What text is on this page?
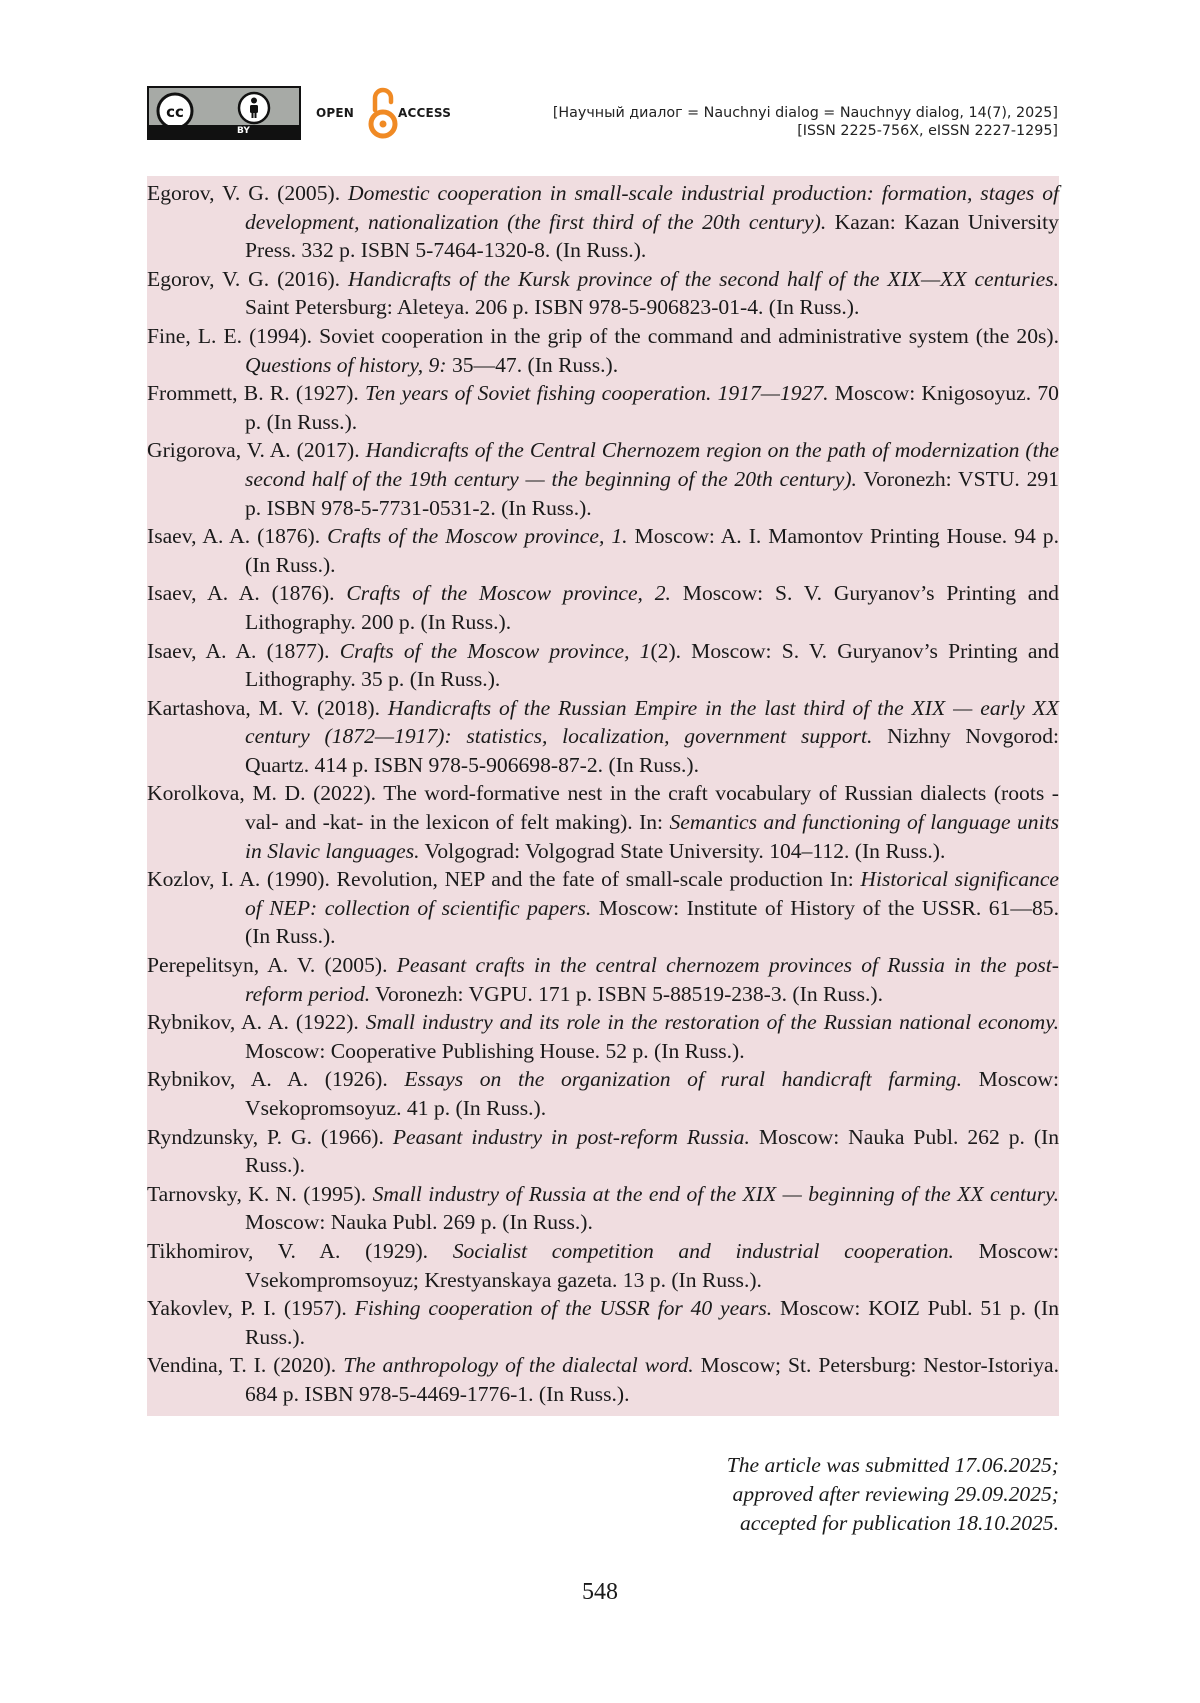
cc
BY
OPEN	ACCESS	[Научный диалог = Nauchnyi dialog = Nauchnyy dialog, 14(7), 2025]
[ISSN 2225-756X, eISSN 2227-1295]
Egorov, V. G. (2005). Domestic cooperation in small-scale industrial production: formation, stages of development, nationalization (the first third of the 20th century). Kazan: Kazan University Press. 332 p. ISBN 5-7464-1320-8. (In Russ.).
Egorov, V. G. (2016). Handicrafts of the Kursk province of the second half of the XIX—XX centuries. Saint Petersburg: Aleteya. 206 p. ISBN 978-5-906823-01-4. (In Russ.).
Fine, L. E. (1994). Soviet cooperation in the grip of the command and administrative system (the 20s). Questions of history, 9: 35—47. (In Russ.).
Frommett, B. R. (1927). Ten years of Soviet fishing cooperation. 1917—1927. Moscow: Knigosoyuz. 70 p. (In Russ.).
Grigorova, V. A. (2017). Handicrafts of the Central Chernozem region on the path of modernization (the second half of the 19th century — the beginning of the 20th century). Voronezh: VSTU. 291 p. ISBN 978-5-7731-0531-2. (In Russ.).
Isaev, A. A. (1876). Crafts of the Moscow province, 1. Moscow: A. I. Mamontov Printing House. 94 p. (In Russ.).
Isaev, A. A. (1876). Crafts of the Moscow province, 2. Moscow: S. V. Guryanov’s Printing and Lithography. 200 p. (In Russ.).
Isaev, A. A. (1877). Crafts of the Moscow province, 1(2). Moscow: S. V. Guryanov’s Printing and Lithography. 35 p. (In Russ.).
Kartashova, M. V. (2018). Handicrafts of the Russian Empire in the last third of the XIX — early XX century (1872—1917): statistics, localization, government support. Nizhny Novgorod: Quartz. 414 p. ISBN 978-5-906698-87-2. (In Russ.).
Korolkova, M. D. (2022). The word-formative nest in the craft vocabulary of Russian dialects (roots -val- and -kat- in the lexicon of felt making). In: Semantics and functioning of language units in Slavic languages. Volgograd: Volgograd State University. 104–112. (In Russ.).
Kozlov, I. A. (1990). Revolution, NEP and the fate of small-scale production In: Historical significance of NEP: collection of scientific papers. Moscow: Institute of History of the USSR. 61—85. (In Russ.).
Perepelitsyn, A. V. (2005). Peasant crafts in the central chernozem provinces of Russia in the post-reform period. Voronezh: VGPU. 171 p. ISBN 5-88519-238-3. (In Russ.).
Rybnikov, A. A. (1922). Small industry and its role in the restoration of the Russian national economy. Moscow: Cooperative Publishing House. 52 p. (In Russ.).
Rybnikov, A. A. (1926). Essays on the organization of rural handicraft farming. Moscow: Vsekopromsoyuz. 41 p. (In Russ.).
Ryndzunsky, P. G. (1966). Peasant industry in post-reform Russia. Moscow: Nauka Publ. 262 p. (In Russ.).
Tarnovsky, K. N. (1995). Small industry of Russia at the end of the XIX — beginning of the XX century. Moscow: Nauka Publ. 269 p. (In Russ.).
Tikhomirov, V. A. (1929). Socialist competition and industrial cooperation. Moscow: Vsekompromsoyuz; Krestyanskaya gazeta. 13 p. (In Russ.).
Yakovlev, P. I. (1957). Fishing cooperation of the USSR for 40 years. Moscow: KOIZ Publ. 51 p. (In Russ.).
Vendina, T. I. (2020). The anthropology of the dialectal word. Moscow; St. Petersburg: Nestor-Istoriya. 684 p. ISBN 978-5-4469-1776-1. (In Russ.).
The article was submitted 17.06.2025;
approved after reviewing 29.09.2025;
accepted for publication 18.10.2025.
548
